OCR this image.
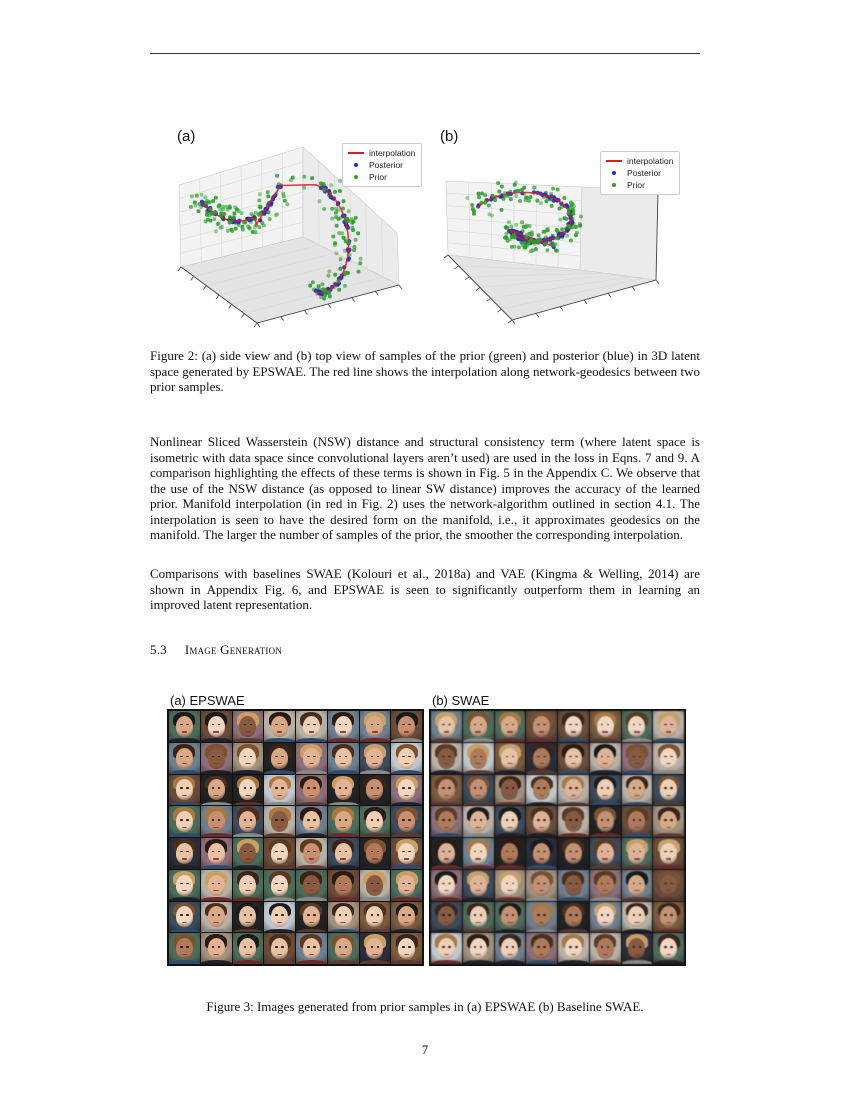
(a)
interpolation
Posterior
Prior
(b)
interpolation
Posterior
Prior

Figure 2: (a) side view and (b) top view of samples of the prior (green) and posterior (blue) in 3D latent space generated by EPSWAE. The red line shows the interpolation along network-geodesics between two prior samples.

Nonlinear Sliced Wasserstein (NSW) distance and structural consistency term (where latent space is isometric with data space since convolutional layers aren’t used) are used in the loss in Eqns. 7 and 9. A comparison highlighting the effects of these terms is shown in Fig. 5 in the Appendix C. We observe that the use of the NSW distance (as opposed to linear SW distance) improves the accuracy of the learned prior. Manifold interpolation (in red in Fig. 2) uses the network-algorithm outlined in section 4.1. The interpolation is seen to have the desired form on the manifold, i.e., it approximates geodesics on the manifold. The larger the number of samples of the prior, the smoother the corresponding interpolation.

Comparisons with baselines SWAE (Kolouri et al., 2018a) and VAE (Kingma & Welling, 2014) are shown in Appendix Fig. 6, and EPSWAE is seen to significantly outperform them in learning an improved latent representation.

5.3 Image Generation
(a) EPSWAE	(b) SWAE

Figure 3: Images generated from prior samples in (a) EPSWAE (b) Baseline SWAE.

7
